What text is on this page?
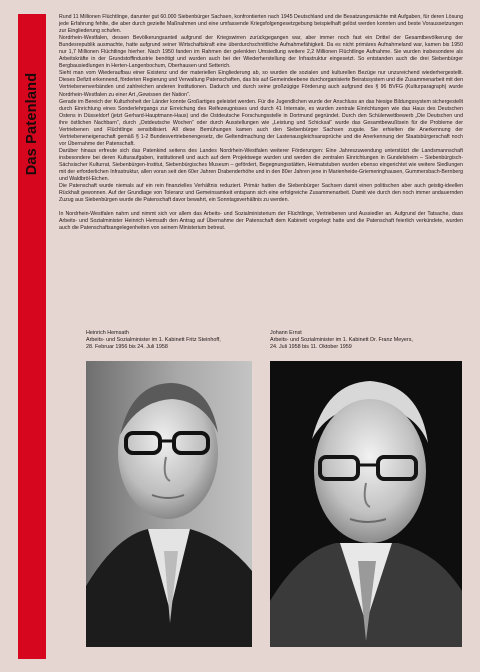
Das Patenland

Rund 11 Millionen Flüchtlinge, darunter gut 60.000 Siebenbürger Sachsen, konfrontierten nach 1945 Deutschland und die Besatzungsmächte mit Aufgaben, für deren Lösung jede Erfahrung fehlte, die aber durch gezielte Maßnahmen und eine umfassende Kriegsfolgengesetzgebung beispielhaft gelöst werden konnten und beste Voraussetzungen zur Eingliederung schufen.

Nordrhein-Westfalen, dessen Bevölkerungsanteil aufgrund der Kriegswirren zurückgegangen war, aber immer noch fast ein Drittel der Gesamtbevölkerung der Bundesrepublik ausmachte, hatte aufgrund seiner Wirtschaftskraft eine überdurchschnittliche Aufnahmefähigkeit. Da es nicht primäres Aufnahmeland war, kamen bis 1950 nur 1,7 Millionen Flüchtlinge hierher. Nach 1950 fanden im Rahmen der gelenkten Umsiedlung weitere 2,2 Millionen Flüchtlinge Aufnahme. Sie wurden insbesondere als Arbeitskräfte in der Grundstoffindustrie benötigt und wurden auch bei der Wiederherstellung der Infrastruktur eingesetzt. So entstanden auch die drei Siebenbürger Bergbausiedlungen in Herten-Langenbochum, Oberhausen und Setterich.

Sieht man vom Wiederaufbau einer Existenz und der materiellen Eingliederung ab, so wurden die sozialen und kulturellen Bezüge nur unzureichend wiederhergestellt. Dieses Defizit erkennend, förderten Regierung und Verwaltung Patenschaften, das bis auf Gemeindeebene durchorganisierte Beiratssystem und die Zusammenarbeit mit den Vertriebenenverbänden und zahlreichen anderen Institutionen. Dadurch und durch seine großzügige Förderung auch aufgrund des § 96 BVFG (Kulturparagraph) wurde Nordrhein-Westfalen zu einer Art „Gewissen der Nation“.

Gerade im Bereich der Kulturhoheit der Länder konnte Großartiges geleistet werden. Für die Jugendlichen wurde der Anschluss an das hiesige Bildungssystem sichergestellt durch Einrichtung eines Sonderlehrgangs zur Erreichung des Reifezeugnisses und durch 41 Internate, es wurden zentrale Einrichtungen wie das Haus des Deutschen Ostens in Düsseldorf (jetzt Gerhard-Hauptmann-Haus) und die Ostdeutsche Forschungsstelle in Dortmund gegründet. Durch den Schülerwettbewerb „Die Deutschen und ihre östlichen Nachbarn“, durch „Ostdeutsche Wochen“ oder durch Ausstellungen wie „Leistung und Schicksal“ wurde das Gesamtbewußtsein für die Probleme der Vertriebenen und Flüchtlinge sensibilisiert. All diese Bemühungen kamen auch den Siebenbürger Sachsen zugute. Sie erhielten die Anerkennung der Vertriebeneneigenschaft gemäß § 1-2 Bundesvertriebenengesetz, die Geltendmachung der Lastenausgleichsansprüche und die Anerkennung der Staatsbürgerschaft noch vor Übernahme der Patenschaft.

Darüber hinaus erfreute sich das Patenkind seitens des Landes Nordrhein-Westfalen weiterer Förderungen: Eine Jahreszuwendung unterstützt die Landsmannschaft insbesondere bei deren Kulturaufgaben, institutionell und auch auf dem Projektwege wurden und werden die zentralen Einrichtungen in Gundelsheim – Siebenbürgisch-Sächsischer Kulturrat, Siebenbürgen-Institut, Siebenbürgisches Museum – gefördert, Begegnungsstätten, Heimatstuben wurden ebenso eingerichtet wie weitere Siedlungen mit der erforderlichen Infrastruktur, allen voran seit den 60er Jahren Drabenderhöhe und in den 80er Jahren jene in Marienheide-Griemeringhausen, Gummersbach-Bernberg und Waldbröl-Eichen.

Die Patenschaft wurde niemals auf ein rein finanzielles Verhältnis reduziert. Primär hatten die Siebenbürger Sachsen damit einen politischen aber auch geistig-ideellen Rückhalt gewonnen. Auf der Grundlage von Toleranz und Gemeinsamkeit entspann sich eine erfolgreiche Zusammenarbeit. Damit wie durch den noch immer andauernden Zuzug aus Siebenbürgen wurde die Patenschaft davor bewahrt, ein Sonntagsverhältnis zu werden.

In Nordrhein-Westfalen nahm und nimmt sich vor allem das Arbeits- und Sozialministerium der Flüchtlinge, Vertriebenen und Aussiedler an. Aufgrund der Tatsache, dass Arbeits- und Sozialminister Heinrich Hemsath den Antrag auf Übernahme der Patenschaft dem Kabinett vorgelegt hatte und die Patenschaft feierlich verkündete, wurden auch die Patenschaftsangelegenheiten von seinem Ministerium betreut.

Heinrich Hemsath
Arbeits- und Sozialminister im 1. Kabinett Fritz Steinhoff,
28. Februar 1956 bis 24. Juli 1958
Johann Ernst
Arbeits- und Sozialminister im 1. Kabinett Dr. Franz Meyers,
24. Juli 1958 bis 11. Oktober 1959
